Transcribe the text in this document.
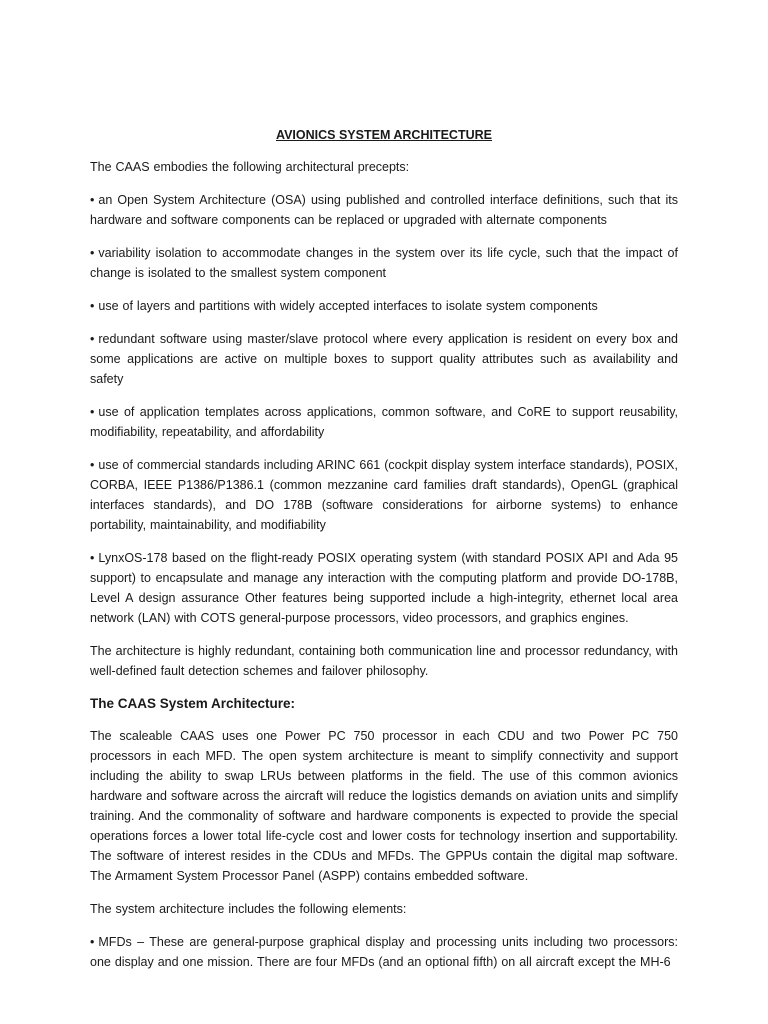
AVIONICS SYSTEM ARCHITECTURE

The CAAS embodies the following architectural precepts:

• an Open System Architecture (OSA) using published and controlled interface definitions, such that its hardware and software components can be replaced or upgraded with alternate components

• variability isolation to accommodate changes in the system over its life cycle, such that the impact of change is isolated to the smallest system component

• use of layers and partitions with widely accepted interfaces to isolate system components

• redundant software using master/slave protocol where every application is resident on every box and some applications are active on multiple boxes to support quality attributes such as availability and safety

• use of application templates across applications, common software, and CoRE to support reusability, modifiability, repeatability, and affordability

• use of commercial standards including ARINC 661 (cockpit display system interface standards), POSIX, CORBA, IEEE P1386/P1386.1 (common mezzanine card families draft standards), OpenGL (graphical interfaces standards), and DO 178B (software considerations for airborne systems) to enhance portability, maintainability, and modifiability

• LynxOS-178 based on the flight-ready POSIX operating system (with standard POSIX API and Ada 95 support) to encapsulate and manage any interaction with the computing platform and provide DO-178B, Level A design assurance Other features being supported include a high-integrity, ethernet local area network (LAN) with COTS general-purpose processors, video processors, and graphics engines.

The architecture is highly redundant, containing both communication line and processor redundancy, with well-defined fault detection schemes and failover philosophy.

The CAAS System Architecture:

The scaleable CAAS uses one Power PC 750 processor in each CDU and two Power PC 750 processors in each MFD. The open system architecture is meant to simplify connectivity and support including the ability to swap LRUs between platforms in the field. The use of this common avionics hardware and software across the aircraft will reduce the logistics demands on aviation units and simplify training. And the commonality of software and hardware components is expected to provide the special operations forces a lower total life-cycle cost and lower costs for technology insertion and supportability. The software of interest resides in the CDUs and MFDs. The GPPUs contain the digital map software. The Armament System Processor Panel (ASPP) contains embedded software.

The system architecture includes the following elements:

• MFDs – These are general-purpose graphical display and processing units including two processors: one display and one mission. There are four MFDs (and an optional fifth) on all aircraft except the MH-6
